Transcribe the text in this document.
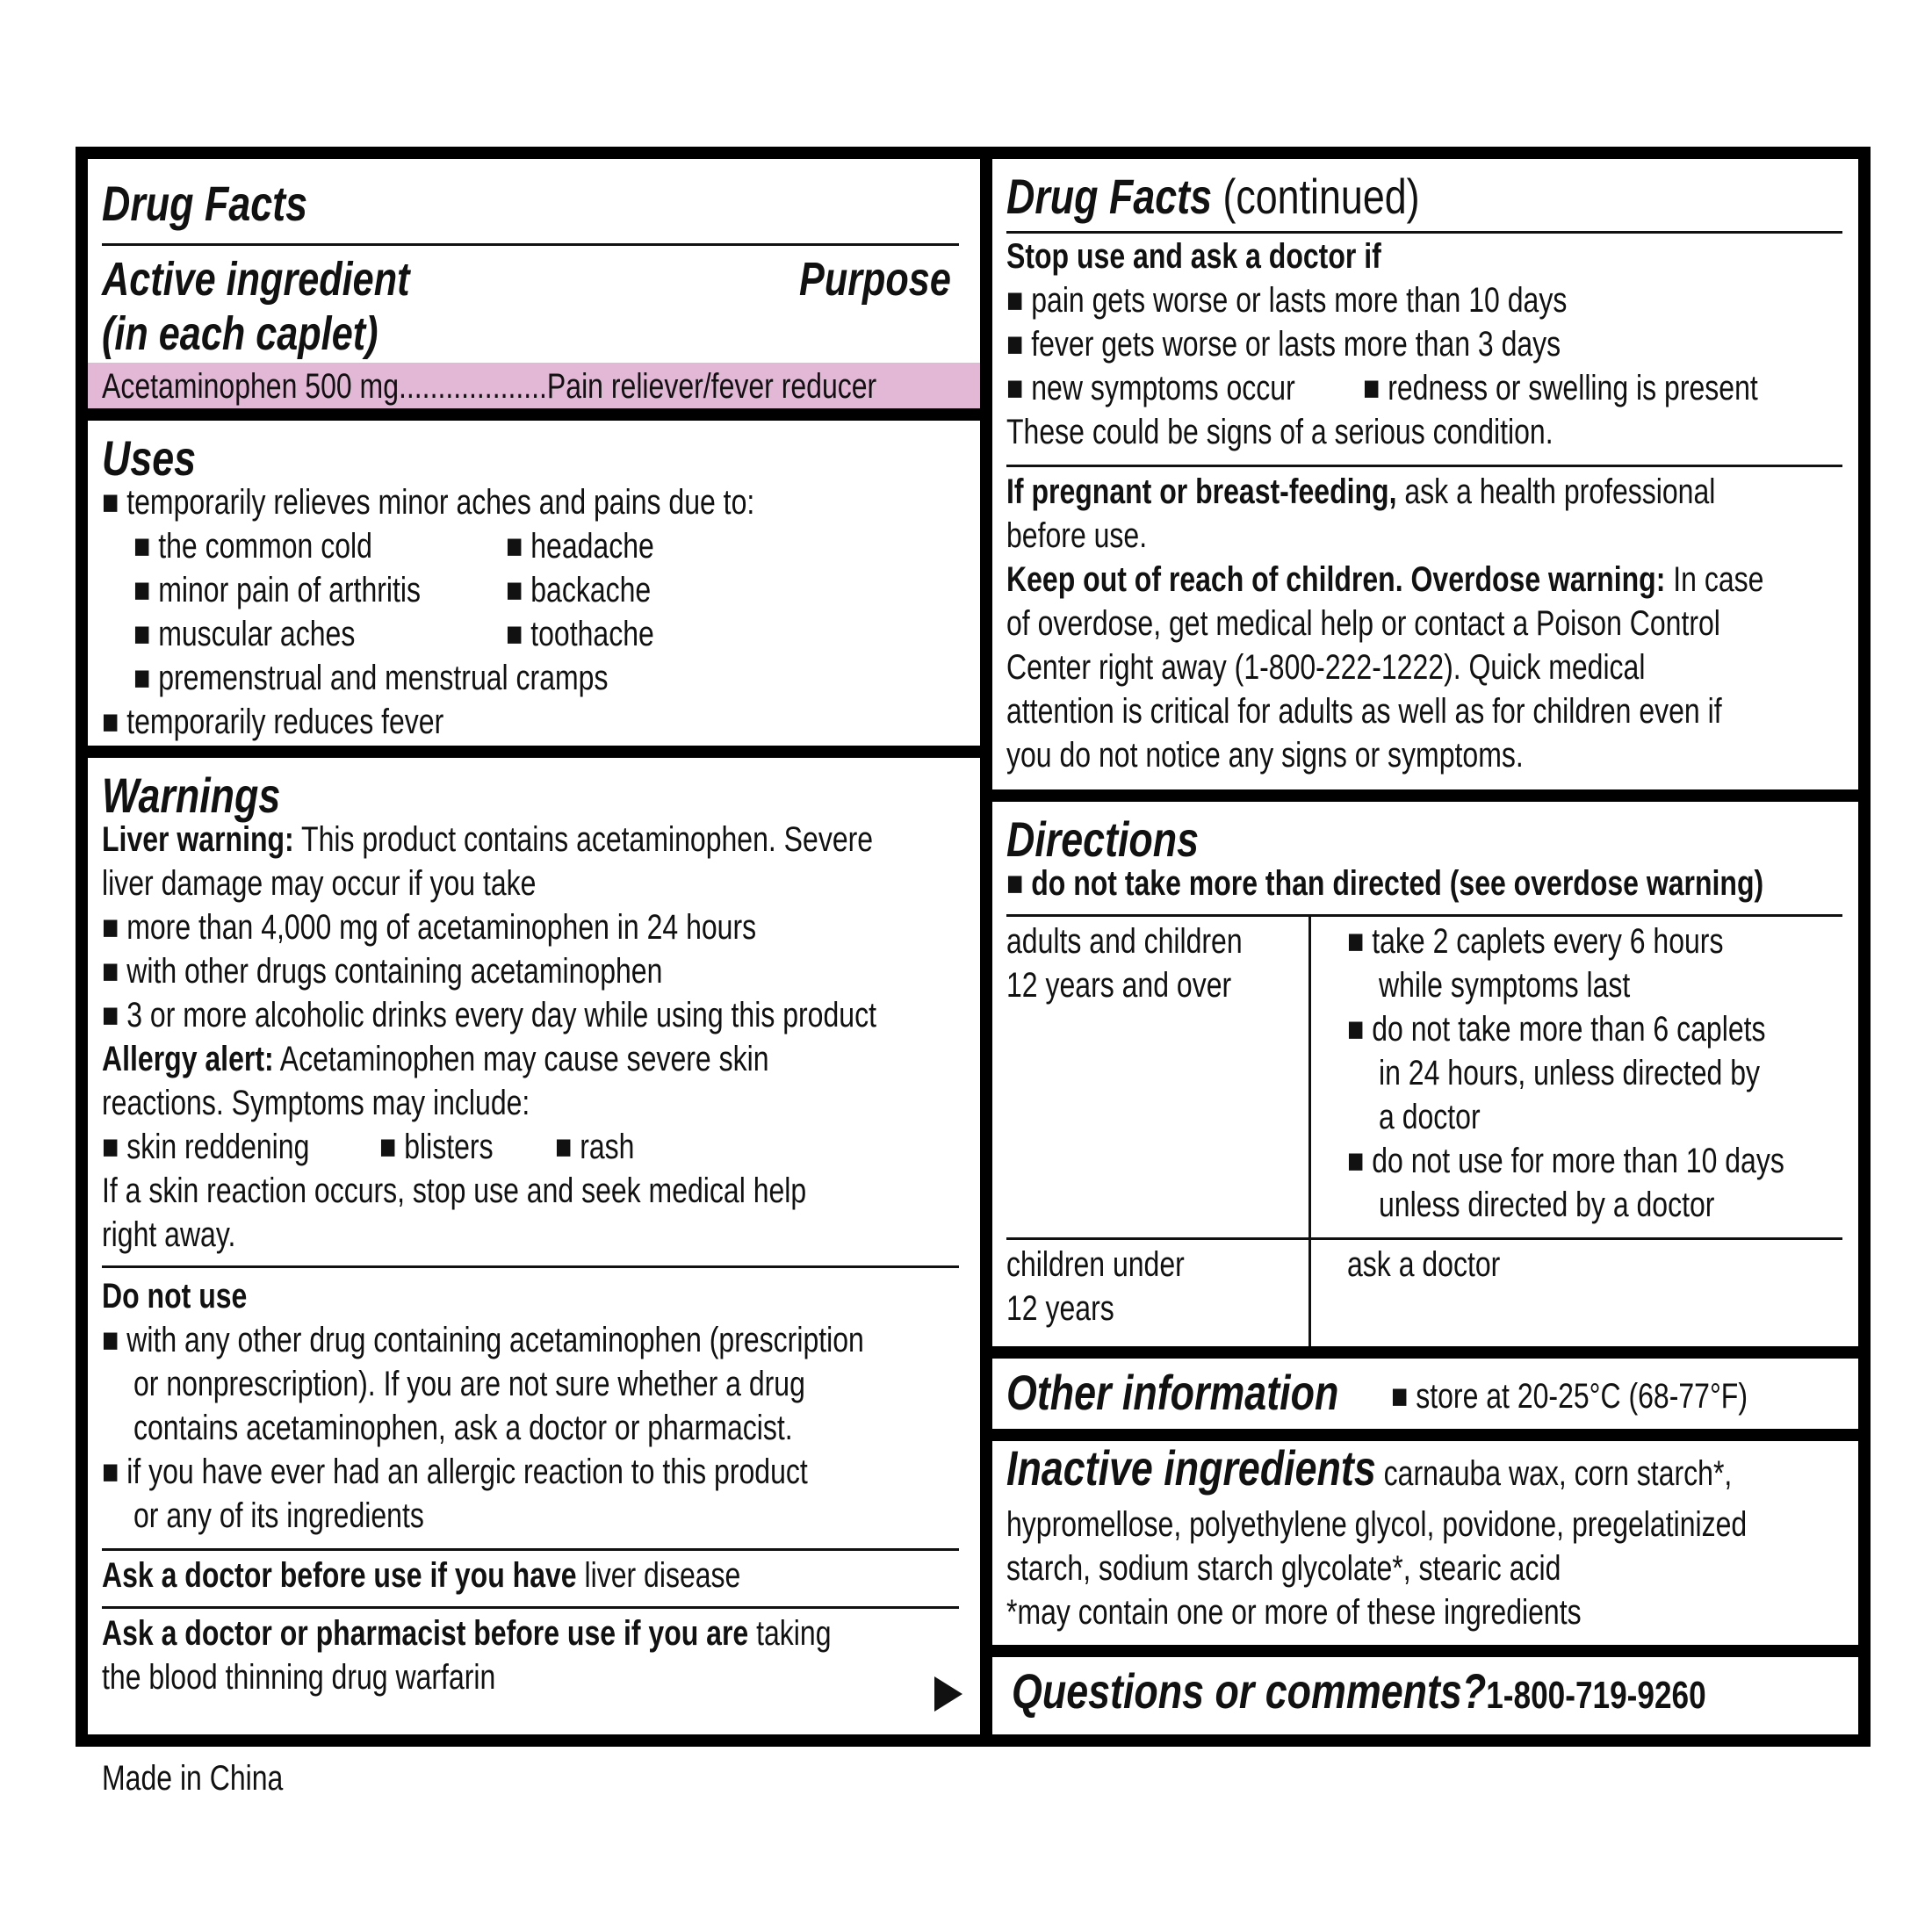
Drug Facts
Active ingredient
(in each caplet)
Purpose
Acetaminophen 500 mg...................Pain reliever/fever reducer
Uses
■ temporarily relieves minor aches and pains due to:
■ the common cold	■ headache
■ minor pain of arthritis ■ backache
■ muscular aches	■ toothache
■ premenstrual and menstrual cramps
■ temporarily reduces fever
Warnings
Liver warning: This product contains acetaminophen. Severe
liver damage may occur if you take
■ more than 4,000 mg of acetaminophen in 24 hours
■ with other drugs containing acetaminophen
■ 3 or more alcoholic drinks every day while using this product
Allergy alert: Acetaminophen may cause severe skin
reactions. Symptoms may include:
■ skin reddening ■ blisters ■ rash
If a skin reaction occurs, stop use and seek medical help
right away.
Do not use
■ with any other drug containing acetaminophen (prescription
or nonprescription). If you are not sure whether a drug
contains acetaminophen, ask a doctor or pharmacist.
■ if you have ever had an allergic reaction to this product
or any of its ingredients
Ask a doctor before use if you have liver disease
Ask a doctor or pharmacist before use if you are taking
the blood thinning drug warfarin
Drug Facts (continued)
Stop use and ask a doctor if
■ pain gets worse or lasts more than 10 days
■ fever gets worse or lasts more than 3 days
■ new symptoms occur ■ redness or swelling is present
These could be signs of a serious condition.
If pregnant or breast-feeding, ask a health professional
before use.
Keep out of reach of children. Overdose warning: In case
of overdose, get medical help or contact a Poison Control
Center right away (1-800-222-1222). Quick medical
attention is critical for adults as well as for children even if
you do not notice any signs or symptoms.
Directions
■ do not take more than directed (see overdose warning)
adults and children
12 years and over
■ take 2 caplets every 6 hours
while symptoms last
■ do not take more than 6 caplets
in 24 hours, unless directed by
a doctor
■ do not use for more than 10 days
unless directed by a doctor
children under
12 years
ask a doctor
Other information ■ store at 20-25°C (68-77°F)
Inactive ingredients carnauba wax, corn starch*,
hypromellose, polyethylene glycol, povidone, pregelatinized
starch, sodium starch glycolate*, stearic acid
*may contain one or more of these ingredients
Questions or comments?1-800-719-9260
Made in China
